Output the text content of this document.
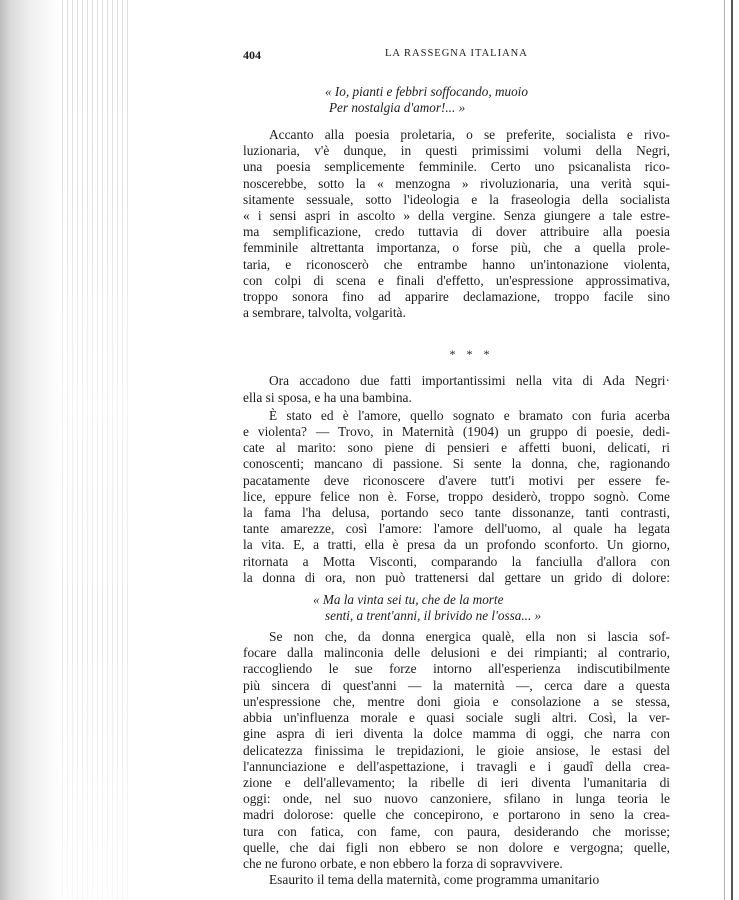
404	LA RASSEGNA ITALIANA
« Io, pianti e febbri soffocando, muoio
Per nostalgia d'amor!... »
Accanto alla poesia proletaria, o se preferite, socialista e rivo-
luzionaria, v'è dunque, in questi primissimi volumi della Negri,
una poesia semplicemente femminile. Certo uno psicanalista rico-
noscerebbe, sotto la « menzogna » rivoluzionaria, una verità squi-
sitamente sessuale, sotto l'ideologia e la fraseologia della socialista
« i sensi aspri in ascolto » della vergine. Senza giungere a tale estre-
ma semplificazione, credo tuttavia di dover attribuire alla poesia
femminile altrettanta importanza, o forse più, che a quella prole-
taria, e riconoscerò che entrambe hanno un'intonazione violenta,
con colpi di scena e finali d'effetto, un'espressione approssimativa,
troppo sonora fino ad apparire declamazione, troppo facile sino
a sembrare, talvolta, volgarità.
* * *
Ora accadono due fatti importantissimi nella vita di Ada Negri·
ella si sposa, e ha una bambina.
È stato ed è l'amore, quello sognato e bramato con furia acerba
e violenta? — Trovo, in Maternità (1904) un gruppo di poesie, dedi-
cate al marito: sono piene di pensieri e affetti buoni, delicati, ri
conoscenti; mancano di passione. Si sente la donna, che, ragionando
pacatamente deve riconoscere d'avere tutt'i motivi per essere fe-
lice, eppure felice non è. Forse, troppo desiderò, troppo sognò. Come
la fama l'ha delusa, portando seco tante dissonanze, tanti contrasti,
tante amarezze, così l'amore: l'amore dell'uomo, al quale ha legata
la vita. E, a tratti, ella è presa da un profondo sconforto. Un giorno,
ritornata a Motta Visconti, comparando la fanciulla d'allora con
la donna di ora, non può trattenersi dal gettare un grido di dolore:
« Ma la vinta sei tu, che de la morte
senti, a trent'anni, il brivido ne l'ossa... »
Se non che, da donna energica qualè, ella non si lascia sof-
focare dalla malinconia delle delusioni e dei rimpianti; al contrario,
raccogliendo le sue forze intorno all'esperienza indiscutibilmente
più sincera di quest'anni — la maternità —, cerca dare a questa
un'espressione che, mentre doni gioia e consolazione a se stessa,
abbia un'influenza morale e quasi sociale sugli altri. Così, la ver-
gine aspra di ieri diventa la dolce mamma di oggi, che narra con
delicatezza finissima le trepidazioni, le gioie ansiose, le estasi del
l'annunciazione e dell'aspettazione, i travagli e i gaudî della crea-
zione e dell'allevamento; la ribelle di ieri diventa l'umanitaria di
oggi: onde, nel suo nuovo canzoniere, sfilano in lunga teoria le
madri dolorose: quelle che concepirono, e portarono in seno la crea-
tura con fatica, con fame, con paura, desiderando che morisse;
quelle, che dai figli non ebbero se non dolore e vergogna; quelle,
che ne furono orbate, e non ebbero la forza di sopravvivere.
Esaurito il tema della maternità, come programma umanitario
